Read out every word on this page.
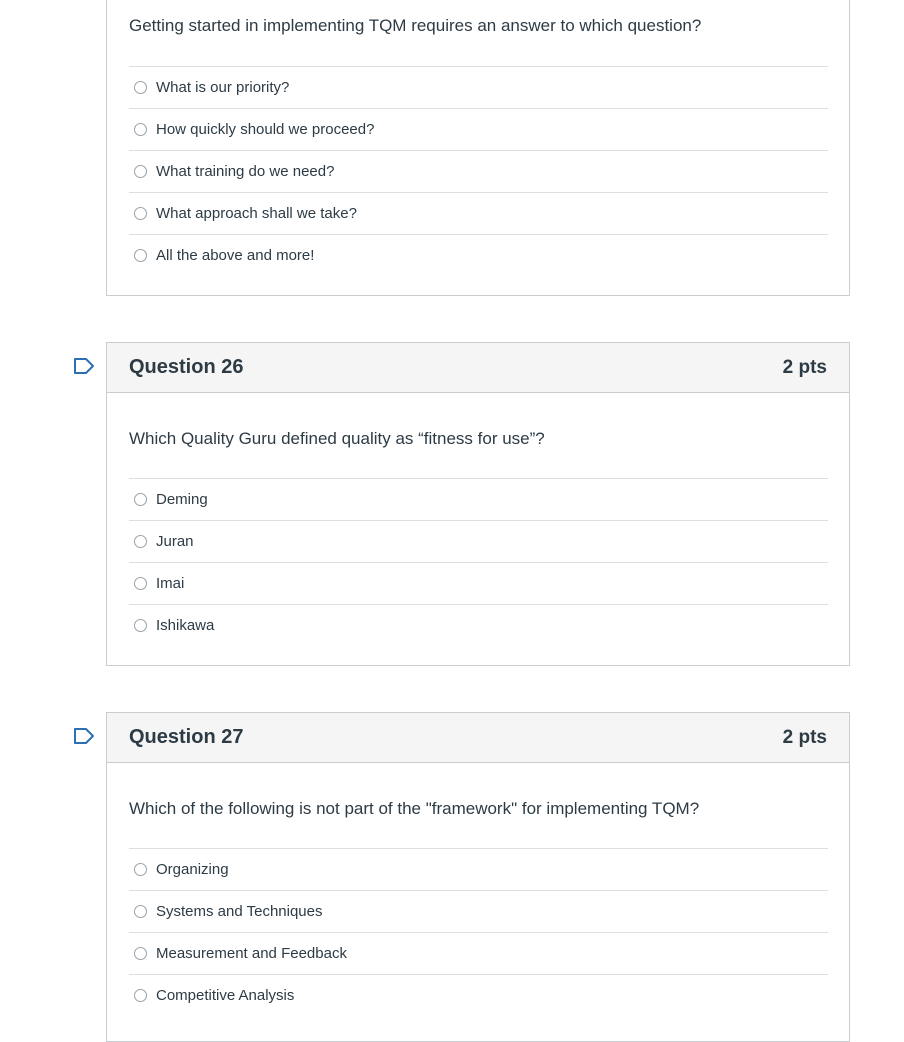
Getting started in implementing TQM requires an answer to which question?
What is our priority?
How quickly should we proceed?
What training do we need?
What approach shall we take?
All the above and more!
Question 26	2 pts
Which Quality Guru defined quality as “fitness for use”?
Deming
Juran
Imai
Ishikawa
Question 27	2 pts
Which of the following is not part of the "framework" for implementing TQM?
Organizing
Systems and Techniques
Measurement and Feedback
Competitive Analysis
